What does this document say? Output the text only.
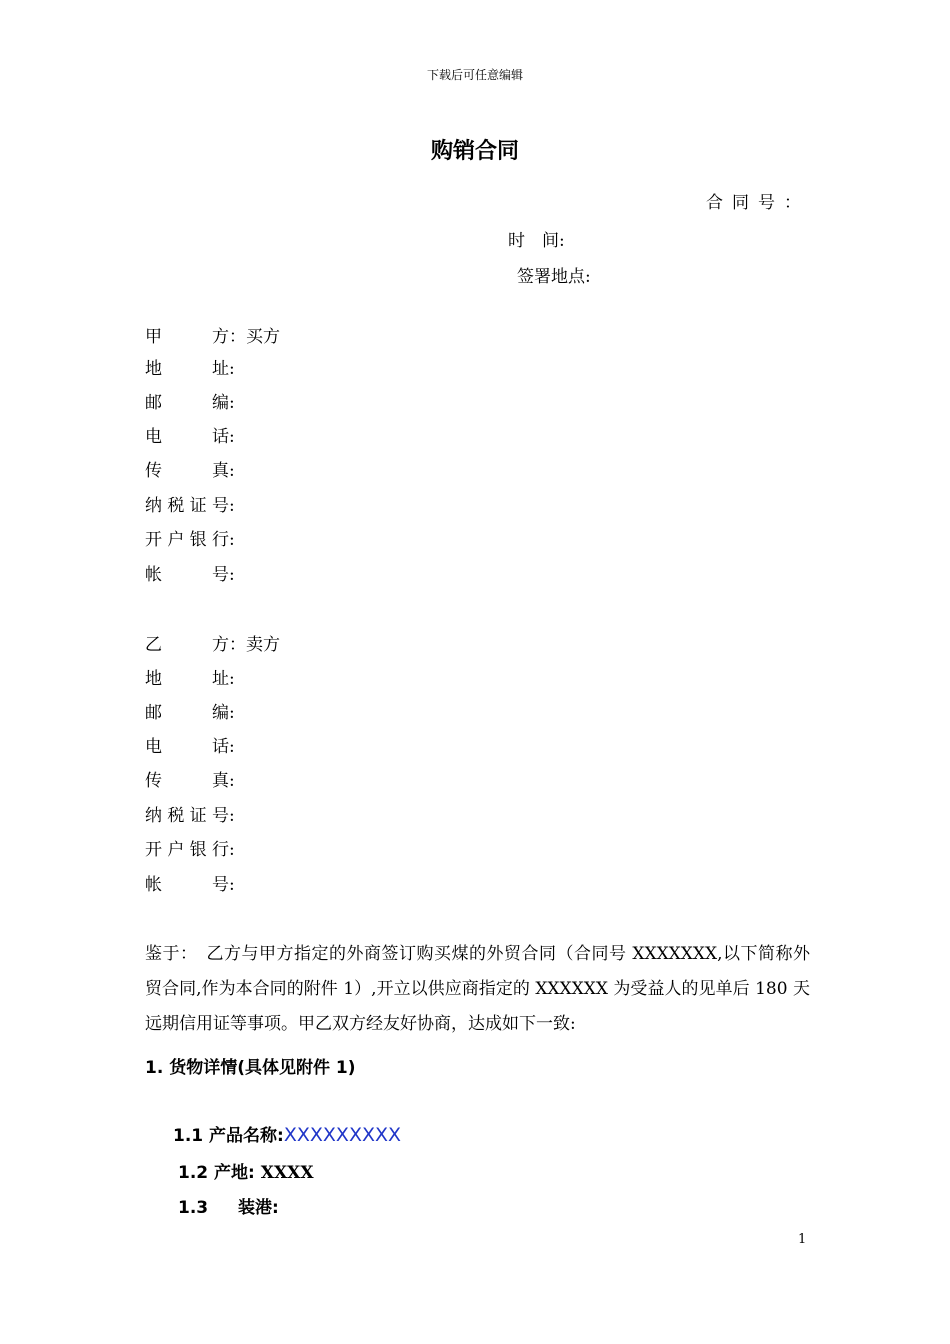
下载后可任意编辑
购销合同
合同号：
时　间:
签署地点:
甲方：买方
地址:
邮编:
电话:
传真:
纳税证号:
开户银行:
帐号:
乙方：卖方
地址:
邮编:
电话:
传真:
纳税证号:
开户银行:
帐号:
鉴于：　乙方与甲方指定的外商签订购买煤的外贸合同（合同号 XXXXXXX,以下简称外贸合同,作为本合同的附件 1）,开立以供应商指定的 XXXXXX 为受益人的见单后 180 天远期信用证等事项。甲乙双方经友好协商，达成如下一致:
1. 货物详情(具体见附件 1)
1.1 产品名称:XXXXXXXXX
1.2 产地: XXXX
1.3 装港:
1
